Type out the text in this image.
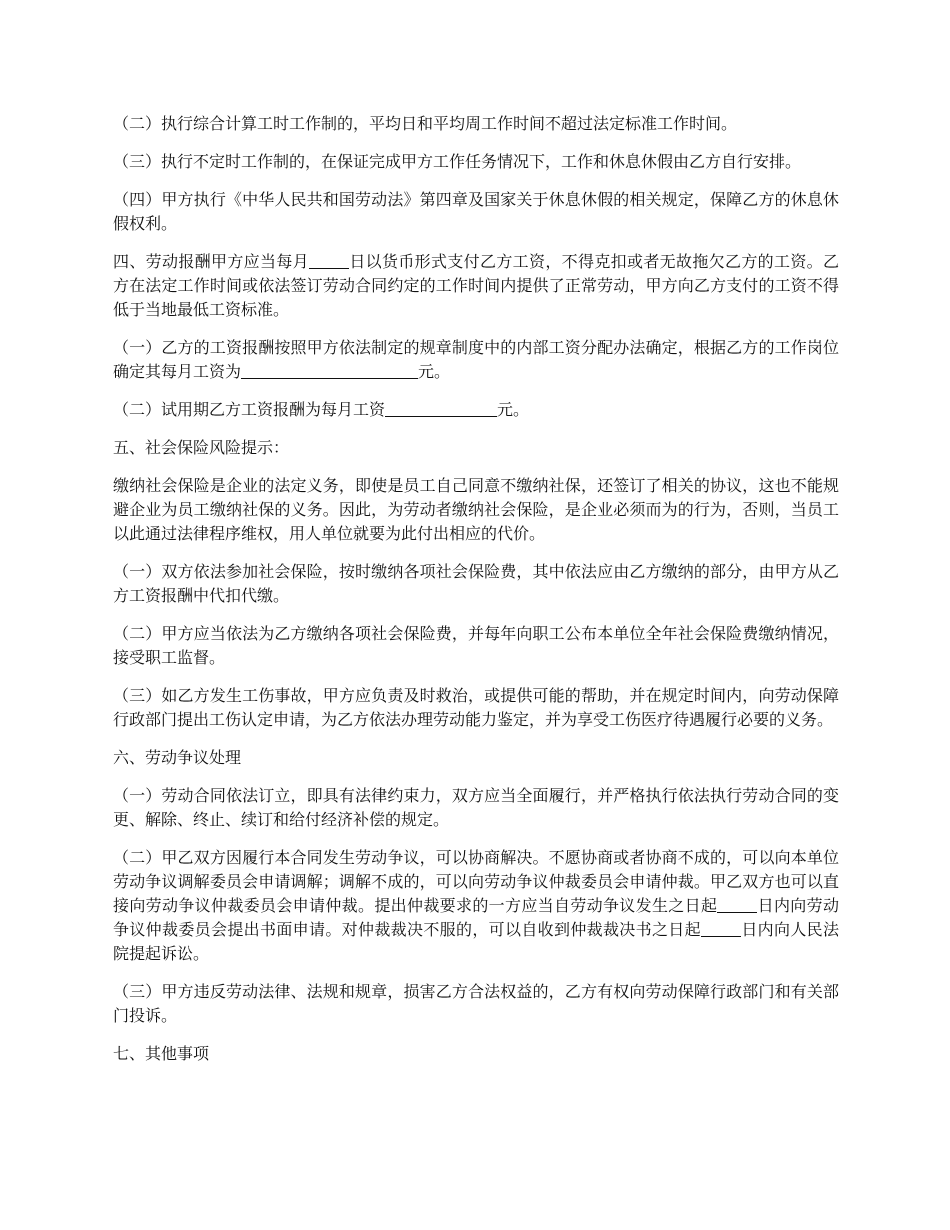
（二）执行综合计算工时工作制的，平均日和平均周工作时间不超过法定标准工作时间。

（三）执行不定时工作制的，在保证完成甲方工作任务情况下，工作和休息休假由乙方自行安排。

（四）甲方执行《中华人民共和国劳动法》第四章及国家关于休息休假的相关规定，保障乙方的休息休假权利。

四、劳动报酬甲方应当每月	日以货币形式支付乙方工资，不得克扣或者无故拖欠乙方的工资。乙方在法定工作时间或依法签订劳动合同约定的工作时间内提供了正常劳动，甲方向乙方支付的工资不得低于当地最低工资标准。

（一）乙方的工资报酬按照甲方依法制定的规章制度中的内部工资分配办法确定，根据乙方的工作岗位确定其每月工资为	元。

（二）试用期乙方工资报酬为每月工资	元。

五、社会保险风险提示：

缴纳社会保险是企业的法定义务，即使是员工自己同意不缴纳社保，还签订了相关的协议，这也不能规避企业为员工缴纳社保的义务。因此，为劳动者缴纳社会保险，是企业必须而为的行为，否则，当员工以此通过法律程序维权，用人单位就要为此付出相应的代价。

（一）双方依法参加社会保险，按时缴纳各项社会保险费，其中依法应由乙方缴纳的部分，由甲方从乙方工资报酬中代扣代缴。

（二）甲方应当依法为乙方缴纳各项社会保险费，并每年向职工公布本单位全年社会保险费缴纳情况，接受职工监督。

（三）如乙方发生工伤事故，甲方应负责及时救治，或提供可能的帮助，并在规定时间内，向劳动保障行政部门提出工伤认定申请，为乙方依法办理劳动能力鉴定，并为享受工伤医疗待遇履行必要的义务。

六、劳动争议处理

（一）劳动合同依法订立，即具有法律约束力，双方应当全面履行，并严格执行依法执行劳动合同的变更、解除、终止、续订和给付经济补偿的规定。

（二）甲乙双方因履行本合同发生劳动争议，可以协商解决。不愿协商或者协商不成的，可以向本单位劳动争议调解委员会申请调解；调解不成的，可以向劳动争议仲裁委员会申请仲裁。甲乙双方也可以直接向劳动争议仲裁委员会申请仲裁。提出仲裁要求的一方应当自劳动争议发生之日起	日内向劳动争议仲裁委员会提出书面申请。对仲裁裁决不服的，可以自收到仲裁裁决书之日起	日内向人民法院提起诉讼。

（三）甲方违反劳动法律、法规和规章，损害乙方合法权益的，乙方有权向劳动保障行政部门和有关部门投诉。

七、其他事项
